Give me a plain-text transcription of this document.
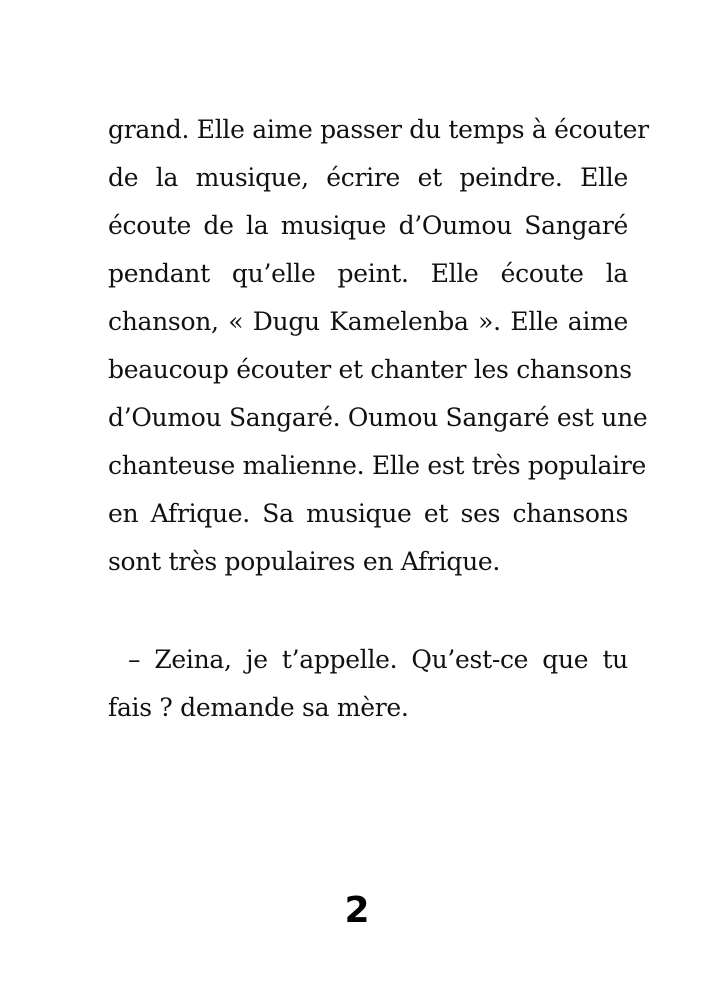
grand. Elle aime passer du temps à écouter
de la musique, écrire et peindre. Elle
écoute de la musique d’Oumou Sangaré
pendant qu’elle peint. Elle écoute la
chanson, « Dugu Kamelenba ». Elle aime
beaucoup écouter et chanter les chansons
d’Oumou Sangaré. Oumou Sangaré est une
chanteuse malienne. Elle est très populaire
en Afrique. Sa musique et ses chansons
sont très populaires en Afrique.
– Zeina, je t’appelle. Qu’est-ce que tu
fais ? demande sa mère.
2
